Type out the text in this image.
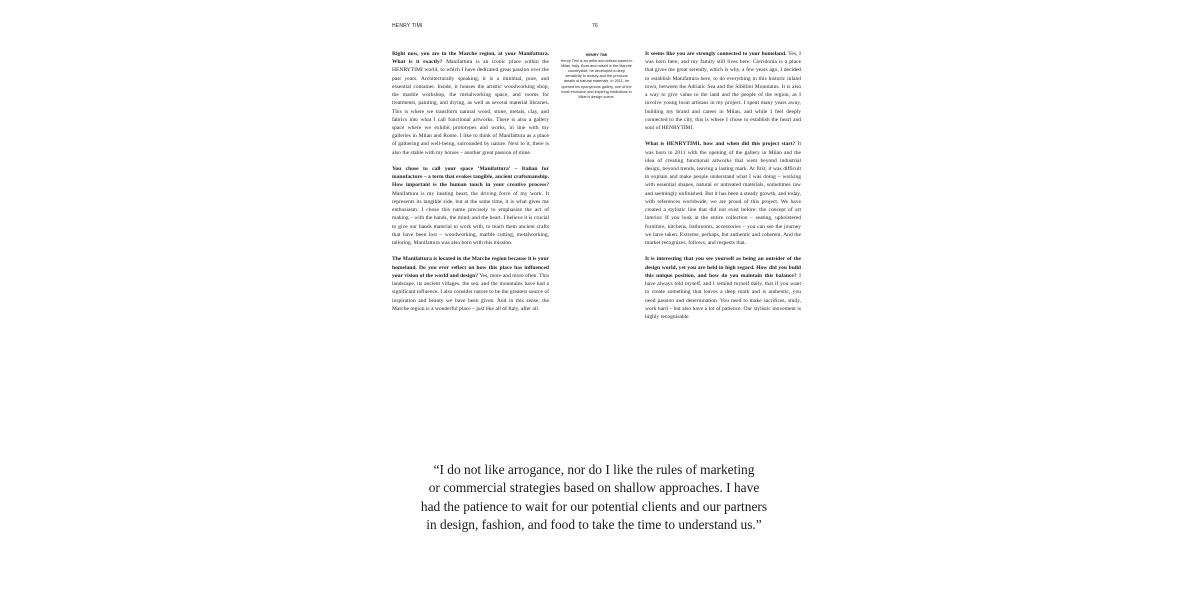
HENRY TIMI	76

Right now, you are in the Marche region, at your Manifattura. What is it exactly? Manifattura is an iconic place within the HENRYTIMI world, to which I have dedicated great passion over the past years. Architecturally speaking, it is a minimal, pure, and essential container. Inside, it houses the artistic woodworking shop, the marble workshop, the metalworking space, and rooms for treatments, painting, and drying, as well as several material libraries. This is where we transform natural wood, stone, metals, clay, and fabrics into what I call functional artworks. There is also a gallery space where we exhibit prototypes and works, in line with my galleries in Milan and Rome. I like to think of Manifattura as a place of gathering and well-being, surrounded by nature. Next to it, there is also the stable with my horses – another great passion of mine.

You chose to call your space ‘Manifattura’ – Italian for manufacture – a term that evokes tangible, ancient craftsmanship. How important is the human touch in your creative process? Manifattura is my beating heart, the driving force of my work. It represents its tangible side, but at the same time, it is what gives me enthusiasm. I chose this name precisely to emphasize the act of making – with the hands, the mind, and the heart. I believe it is crucial to give our hands material to work with, to teach them ancient crafts that have been lost – woodworking, marble cutting, metalworking, tailoring. Manifattura was also born with this mission.

The Manifattura is located in the Marche region because it is your homeland. Do you ever reflect on how this place has influenced your vision of the world and design? Yes, more and more often. This landscape, its ancient villages, the sea, and the mountains have had a significant influence. I also consider nature to be the greatest source of inspiration and beauty we have been given. And in this sense, the Marche region is a wonderful place – just like all of Italy, after all.

HENRY TIMI
Henry Timi is an artist and artisan based in Milan, Italy. Born and raised in the Marche countryside, he developed a deep sensitivity to beauty and the precious details of natural materials. In 2011, he opened his eponymous gallery, one of the most exclusive and inspiring institutions in Milan’s design scene.

It seems like you are strongly connected to your homeland. Yes, I was born here, and my family still lives here. Corridonia is a place that gives me great serenity, which is why, a few years ago, I decided to establish Manifattura here, to do everything in this historic inland town, between the Adriatic Sea and the Sibillini Mountains. It is also a way to give value to the land and the people of the region, as I involve young local artisans in my project. I spent many years away, building my brand and career in Milan, and while I feel deeply connected to the city, this is where I chose to establish the heart and soul of HENRYTIMI.

What is HENRYTIMI, how and when did this project start? It was born in 2011 with the opening of the gallery in Milan and the idea of creating functional artworks that went beyond industrial design, beyond trends, leaving a lasting mark. At first, it was difficult to explain and make people understand what I was doing – working with essential shapes, natural or untreated materials, sometimes raw and seemingly unfinished. But it has been a steady growth, and today, with references worldwide, we are proud of this project. We have created a stylistic line that did not exist before: the concept of art interior. If you look at the entire collection – seating, upholstered furniture, kitchens, bathrooms, accessories – you can see the journey we have taken. Extreme, perhaps, but authentic and coherent. And the market recognizes, follows, and respects that.

It is interesting that you see yourself as being an outsider of the design world, yet you are held in high regard. How did you build this unique position, and how do you maintain this balance? I have always told myself, and I remind myself daily, that if you want to create something that leaves a deep mark and is authentic, you need passion and determination. You need to make sacrifices, study, work hard – but also have a lot of patience. Our stylistic movement is highly recognisable

“I do not like arrogance, nor do I like the rules of marketing
or commercial strategies based on shallow approaches. I have
had the patience to wait for our potential clients and our partners
in design, fashion, and food to take the time to understand us.”
